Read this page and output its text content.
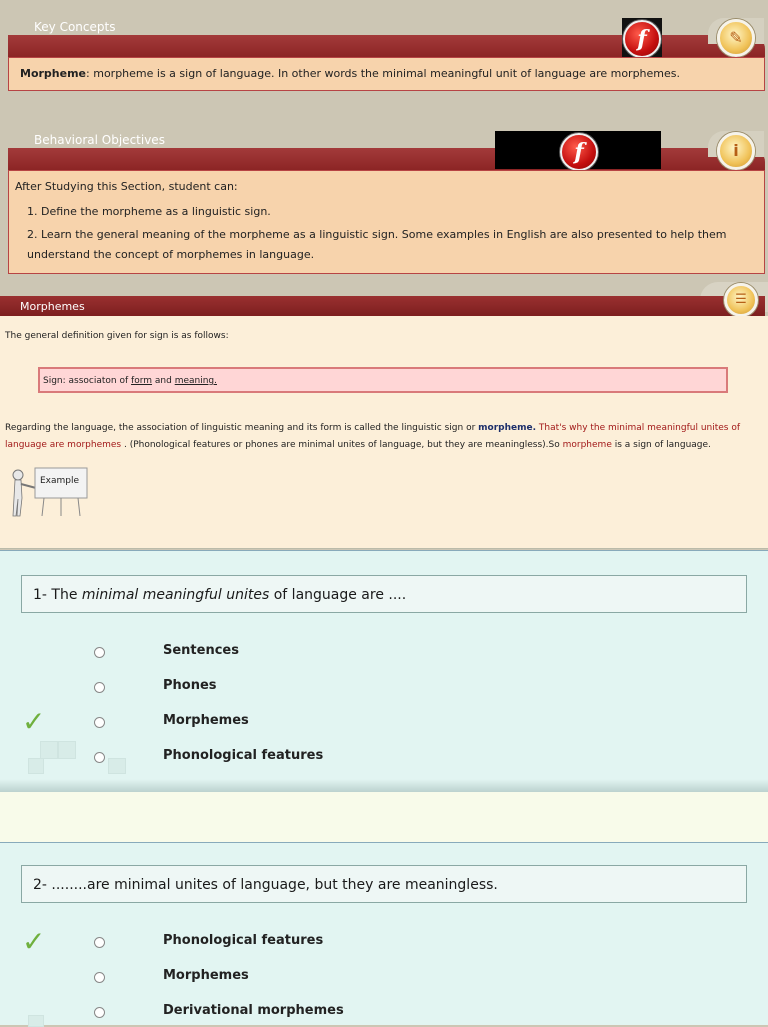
Key Concepts	f	✎
Morpheme: morpheme is a sign of language. In other words the minimal meaningful unit of language are morphemes.
Behavioral Objectives	f	i
After Studying this Section, student can:
1. Define the morpheme as a linguistic sign.
2. Learn the general meaning of the morpheme as a linguistic sign. Some examples in English are also presented to help them understand the concept of morphemes in language.
Morphemes	☰
The general definition given for sign is as follows:
Sign: associaton of form and meaning.
Regarding the language, the association of linguistic meaning and its form is called the linguistic sign or morpheme. That's why the minimal meaningful unites of language are morphemes . (Phonological features or phones are minimal unites of language, but they are meaningless).So morpheme is a sign of language.
Example
1- The minimal meaningful unites of language are ....
✓
Sentences
Phones
Morphemes
Phonological features
2- ........are minimal unites of language, but they are meaningless.
✓	Phonological features
Morphemes
Derivational morphemes
